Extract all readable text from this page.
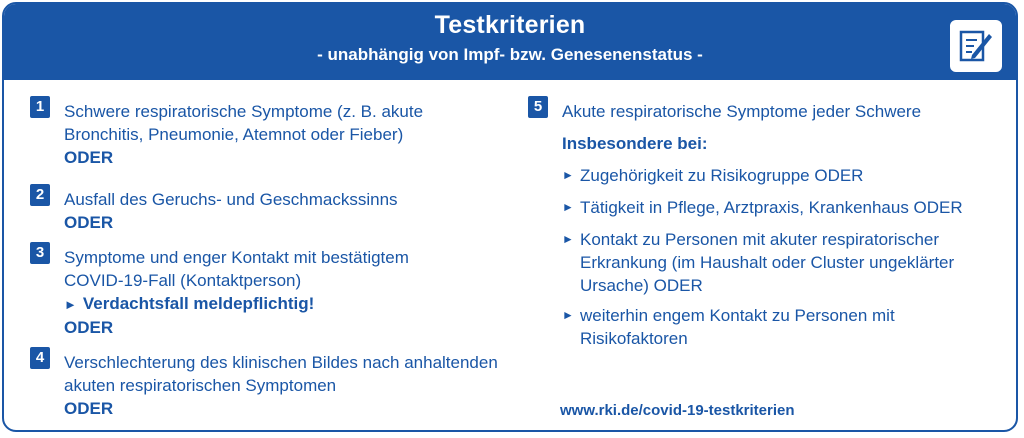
Testkriterien
- unabhängig von Impf- bzw. Genesenenstatus -
1	Schwere respiratorische Symptome (z. B. akute
Bronchitis, Pneumonie, Atemnot oder Fieber)
ODER
2	Ausfall des Geruchs- und Geschmackssinns
ODER
3	Symptome und enger Kontakt mit bestätigtem
COVID-19-Fall (Kontaktperson)
► Verdachtsfall meldepflichtig!
ODER
4	Verschlechterung des klinischen Bildes nach anhaltenden
akuten respiratorischen Symptomen
ODER
5	Akute respiratorische Symptome jeder Schwere
Insbesondere bei:
► Zugehörigkeit zu Risikogruppe ODER
► Tätigkeit in Pflege, Arztpraxis, Krankenhaus ODER
► Kontakt zu Personen mit akuter respiratorischer
Erkrankung (im Haushalt oder Cluster ungeklärter
Ursache) ODER
► weiterhin engem Kontakt zu Personen mit
Risikofaktoren
www.rki.de/covid-19-testkriterien
